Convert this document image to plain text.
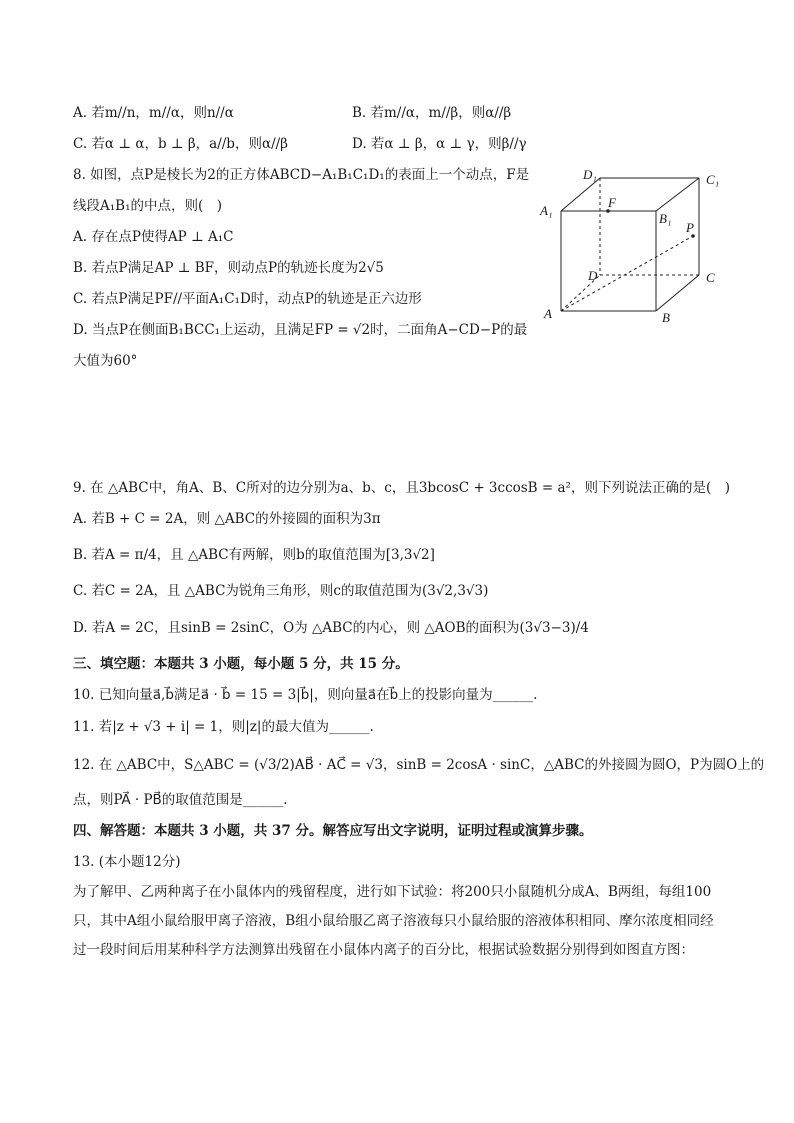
A. 若m//n，m//α，则n//α	B. 若m//α，m//β，则α//β
C. 若α ⊥ α，b ⊥ β，a//b，则α//β	D. 若α ⊥ β，α ⊥ γ，则β//γ
8. 如图，点P是棱长为2的正方体ABCD−A₁B₁C₁D₁的表面上一个动点，F是
线段A₁B₁的中点，则(　)
A. 存在点P使得AP ⊥ A₁C
B. 若点P满足AP ⊥ BF，则动点P的轨迹长度为2√5
C. 若点P满足PF//平面A₁C₁D时，动点P的轨迹是正六边形
D. 当点P在侧面B₁BCC₁上运动，且满足FP = √2时，二面角A−CD−P的最
大值为60°
D₁	C₁
A₁
F
B₁
P
D	C
A	B
9. 在 △ABC中，角A、B、C所对的边分别为a、b、c，且3bcosC + 3ccosB = a²，则下列说法正确的是(　)
A. 若B + C = 2A，则 △ABC的外接圆的面积为3π
B. 若A = π/4，且 △ABC有两解，则b的取值范围为[3,3√2]
C. 若C = 2A，且 △ABC为锐角三角形，则c的取值范围为(3√2,3√3)
D. 若A = 2C，且sinB = 2sinC，O为 △ABC的内心，则 △AOB的面积为(3√3−3)/4
三、填空题：本题共 3 小题，每小题 5 分，共 15 分。
10. 已知向量a⃗,b⃗满足a⃗ · b⃗ = 15 = 3|b⃗|，则向量a⃗在b⃗上的投影向量为______.
11. 若|z + √3 + i| = 1，则|z|的最大值为______.
12. 在 △ABC中，S△ABC = (√3/2)AB⃗ · AC⃗ = √3，sinB = 2cosA · sinC，△ABC的外接圆为圆O，P为圆O上的
点，则PA⃗ · PB⃗的取值范围是______.
四、解答题：本题共 3 小题，共 37 分。解答应写出文字说明，证明过程或演算步骤。
13. (本小题12分)
为了解甲、乙两种离子在小鼠体内的残留程度，进行如下试验：将200只小鼠随机分成A、B两组，每组100只，其中A组小鼠给服甲离子溶液，B组小鼠给服乙离子溶液每只小鼠给服的溶液体积相同、摩尔浓度相同经过一段时间后用某种科学方法测算出残留在小鼠体内离子的百分比，根据试验数据分别得到如图直方图：
